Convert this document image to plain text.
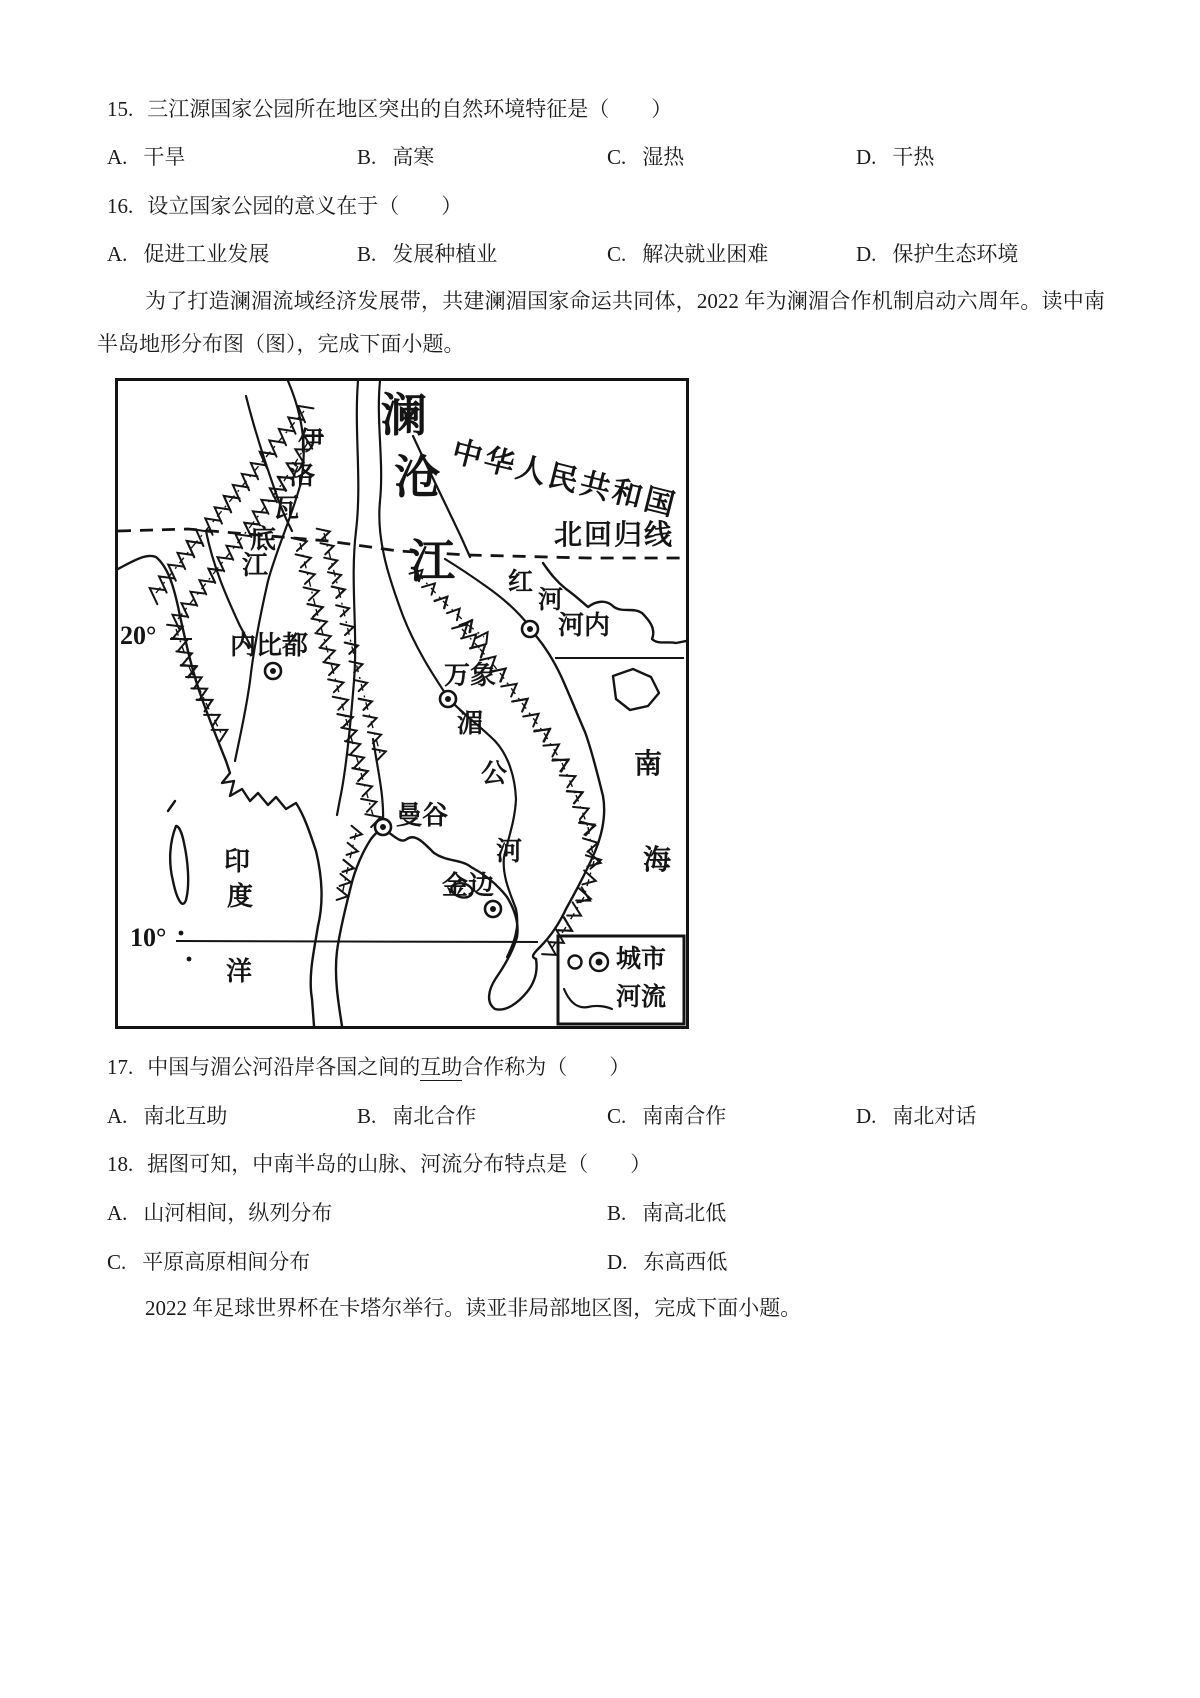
15. 三江源国家公园所在地区突出的自然环境特征是（　　）
A. 干旱	B. 高寒	C. 湿热	D. 干热
16. 设立国家公园的意义在于（　　）
A. 促进工业发展	B. 发展种植业	C. 解决就业困难	D. 保护生态环境
为了打造澜湄流域经济发展带，共建澜湄国家命运共同体，2022 年为澜湄合作机制启动六周年。读中南半岛地形分布图（图），完成下面小题。
澜
沧
江
中华人民共和国
北回归线
伊
洛
瓦
底
江
红
河
河内
内比都
万象
湄
公
河
曼谷
金边
南
海
印
度
洋
20°
10°
城市
河流
17. 中国与湄公河沿岸各国之间的互助合作称为（　　）
A. 南北互助	B. 南北合作	C. 南南合作	D. 南北对话
18. 据图可知，中南半岛的山脉、河流分布特点是（　　）
A. 山河相间，纵列分布	B. 南高北低
C. 平原高原相间分布	D. 东高西低
2022 年足球世界杯在卡塔尔举行。读亚非局部地区图，完成下面小题。
